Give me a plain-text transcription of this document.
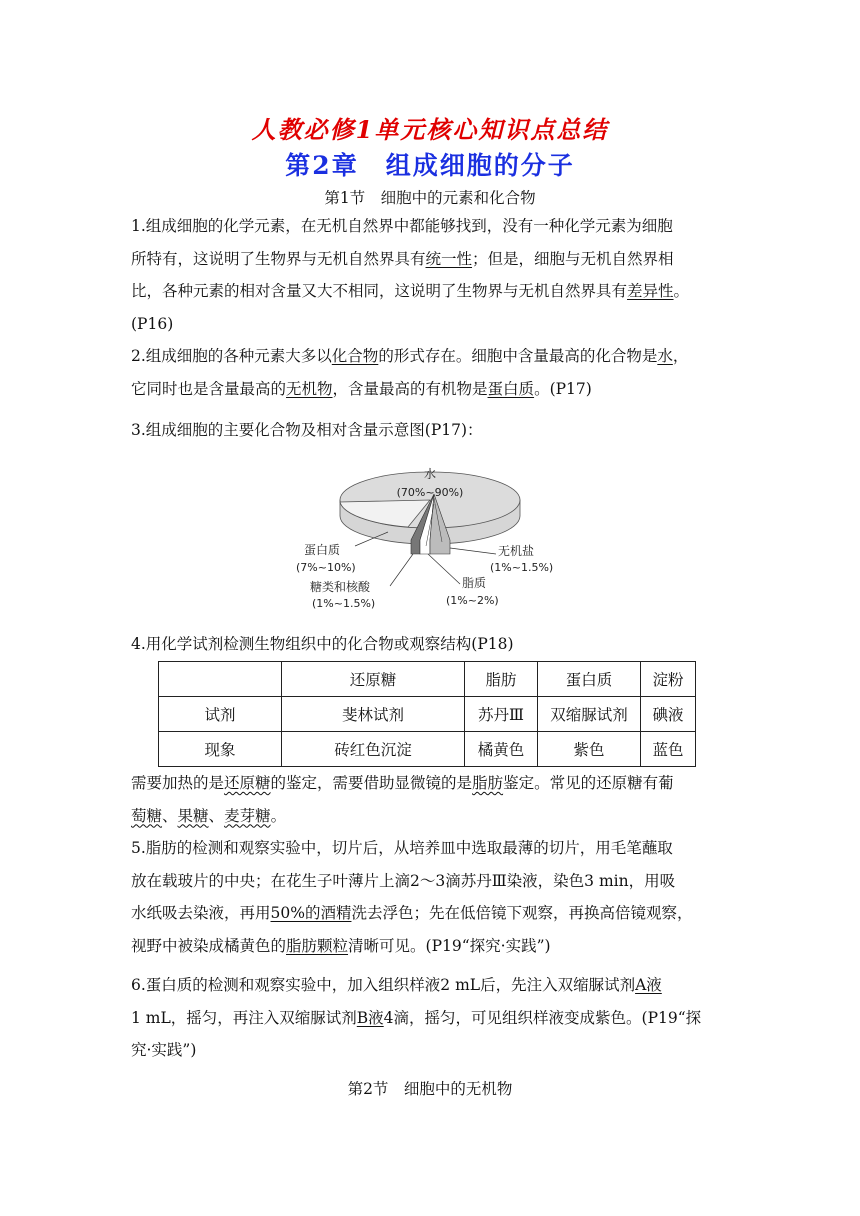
人教必修1单元核心知识点总结
第2章　组成细胞的分子
第1节　细胞中的元素和化合物
1.组成细胞的化学元素，在无机自然界中都能够找到，没有一种化学元素为细胞
所特有，这说明了生物界与无机自然界具有统一性；但是，细胞与无机自然界相
比，各种元素的相对含量又大不相同，这说明了生物界与无机自然界具有差异性。
(P16)
2.组成细胞的各种元素大多以化合物的形式存在。细胞中含量最高的化合物是水，
它同时也是含量最高的无机物，含量最高的有机物是蛋白质。(P17)
3.组成细胞的主要化合物及相对含量示意图(P17)：
水
(70%~90%)
蛋白质
(7%~10%)
糖类和核酸
(1%~1.5%)
无机盐
(1%~1.5%)
脂质
(1%~2%)
4.用化学试剂检测生物组织中的化合物或观察结构(P18)
	还原糖	脂肪	蛋白质	淀粉
试剂	斐林试剂	苏丹Ⅲ	双缩脲试剂	碘液
现象	砖红色沉淀	橘黄色	紫色	蓝色
需要加热的是还原糖的鉴定，需要借助显微镜的是脂肪鉴定。常见的还原糖有葡
萄糖、果糖、麦芽糖。
5.脂肪的检测和观察实验中，切片后，从培养皿中选取最薄的切片，用毛笔蘸取
放在载玻片的中央；在花生子叶薄片上滴2～3滴苏丹Ⅲ染液，染色3 min，用吸
水纸吸去染液，再用50%的酒精洗去浮色；先在低倍镜下观察，再换高倍镜观察，
视野中被染成橘黄色的脂肪颗粒清晰可见。(P19“探究·实践”)
6.蛋白质的检测和观察实验中，加入组织样液2 mL后，先注入双缩脲试剂A液
1 mL，摇匀，再注入双缩脲试剂B液4滴，摇匀，可见组织样液变成紫色。(P19“探
究·实践”)
第2节　细胞中的无机物
